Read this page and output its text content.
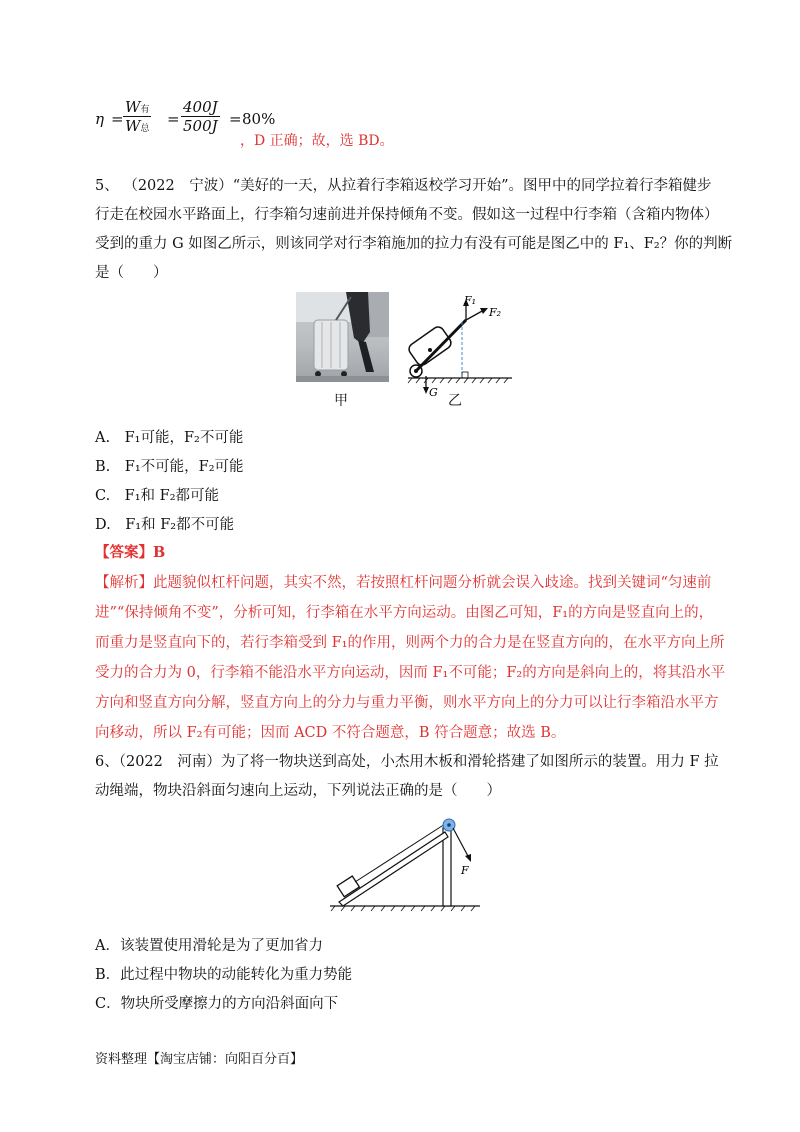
η =
W有
W总
= $\frac{400J}{500J} = 80\%$
，D 正确；故，选 BD。
5、 （2022　宁波）“美好的一天，从拉着行李箱返校学习开始”。图甲中的同学拉着行李箱健步
行走在校园水平路面上，行李箱匀速前进并保持倾角不变。假如这一过程中行李箱（含箱内物体）
受到的重力 G 如图乙所示，则该同学对行李箱施加的拉力有没有可能是图乙中的 F₁、F₂？你的判断
是（　　）
甲
F₁
F₂
G
乙
A.　F₁可能，F₂不可能
B.　F₁不可能，F₂可能
C.　F₁和 F₂都可能
D.　F₁和 F₂都不可能
【答案】B
【解析】此题貌似杠杆问题，其实不然，若按照杠杆问题分析就会误入歧途。找到关键词“匀速前
进”“保持倾角不变”，分析可知，行李箱在水平方向运动。由图乙可知，F₁的方向是竖直向上的，
而重力是竖直向下的，若行李箱受到 F₁的作用，则两个力的合力是在竖直方向的，在水平方向上所
受力的合力为 0，行李箱不能沿水平方向运动，因而 F₁不可能；F₂的方向是斜向上的，将其沿水平
方向和竖直方向分解，竖直方向上的分力与重力平衡，则水平方向上的分力可以让行李箱沿水平方
向移动，所以 F₂有可能；因而 ACD 不符合题意，B 符合题意；故选 B。
6、（2022　河南）为了将一物块送到高处，小杰用木板和滑轮搭建了如图所示的装置。用力 F 拉
动绳端，物块沿斜面匀速向上运动，下列说法正确的是（　　）
F
A．该装置使用滑轮是为了更加省力
B．此过程中物块的动能转化为重力势能
C．物块所受摩擦力的方向沿斜面向下
资料整理【淘宝店铺：向阳百分百】
